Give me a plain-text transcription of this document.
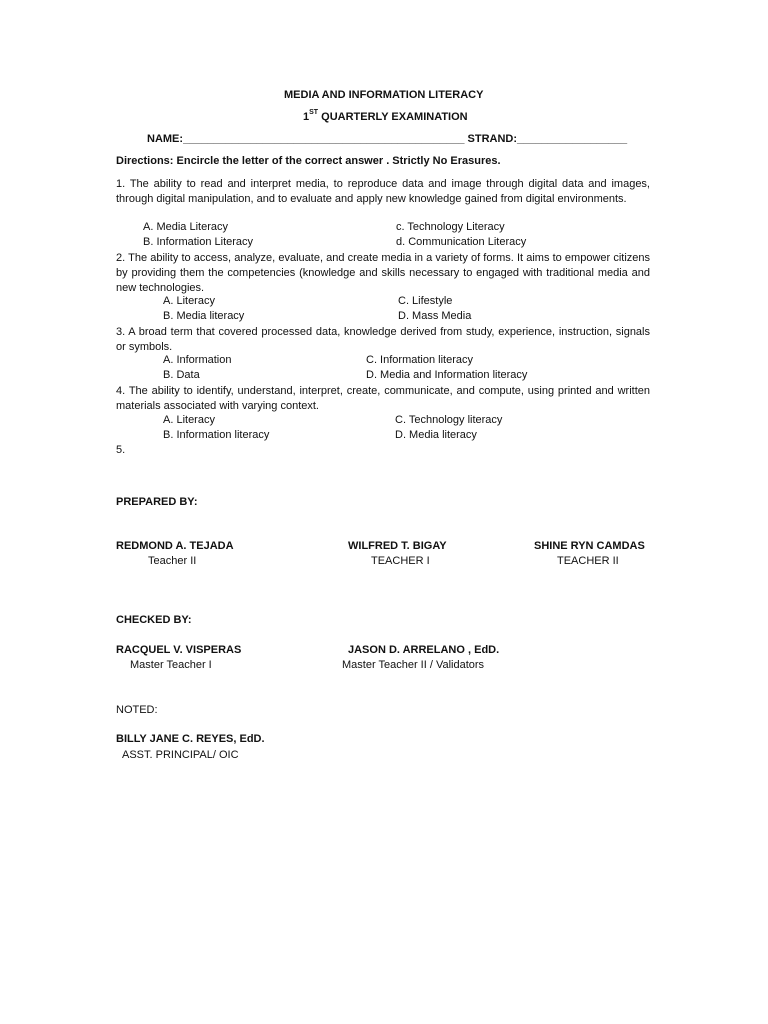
MEDIA AND INFORMATION LITERACY
1ST QUARTERLY EXAMINATION
NAME:______________________________________________ STRAND:__________________
Directions: Encircle the letter of the correct answer . Strictly No Erasures.
1. The ability to read and interpret media, to reproduce data and image through digital data and images, through digital manipulation, and to evaluate and apply new knowledge gained from digital environments.
A. Media Literacy	c. Technology Literacy
B. Information Literacy	d. Communication Literacy
2. The ability to access, analyze, evaluate, and create media in a variety of forms. It aims to empower citizens by providing them the competencies (knowledge and skills necessary to engaged with traditional media and new technologies.
A. Literacy	C. Lifestyle
B. Media literacy	D. Mass Media
3. A broad term that covered processed data, knowledge derived from study, experience, instruction, signals or symbols.
A. Information	C. Information literacy
B. Data	D. Media and Information literacy
4. The ability to identify, understand, interpret, create, communicate, and compute, using printed and written materials associated with varying context.
A. Literacy	C. Technology literacy
B. Information literacy	D. Media literacy
5.
PREPARED BY:
REDMOND A. TEJADA
Teacher II
WILFRED T. BIGAY
TEACHER I
SHINE RYN CAMDAS
TEACHER II
CHECKED BY:
RACQUEL V. VISPERAS
Master Teacher I
JASON D. ARRELANO , EdD.
Master Teacher II / Validators
NOTED:
BILLY JANE C. REYES, EdD.
ASST. PRINCIPAL/ OIC
